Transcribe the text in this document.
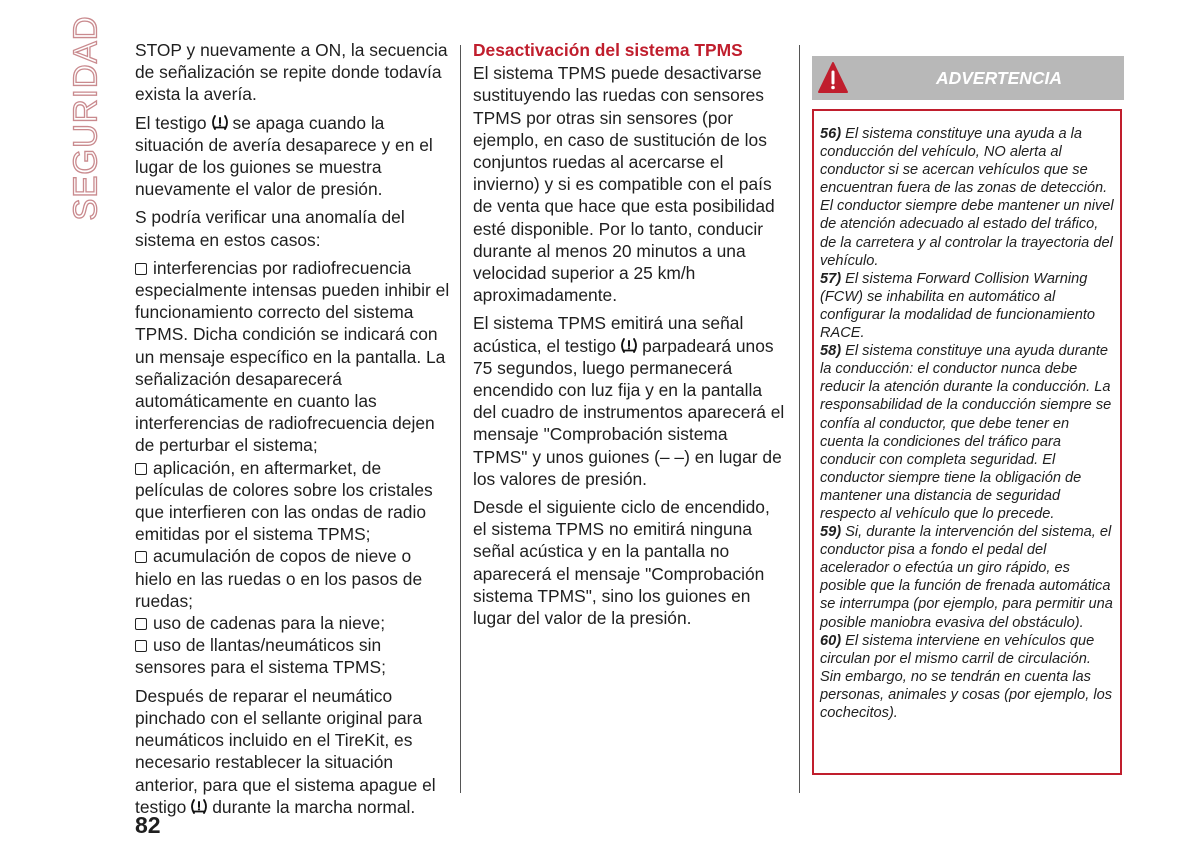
SEGURIDAD STOP y nuevamente a ON, la secuencia de señalización se repite donde todavía exista la avería.

El testigo se apaga cuando la situación de avería desaparece y en el lugar de los guiones se muestra nuevamente el valor de presión.

S podría verificar una anomalía del sistema en estos casos:

interferencias por radiofrecuencia especialmente intensas pueden inhibir el funcionamiento correcto del sistema TPMS. Dicha condición se indicará con un mensaje específico en la pantalla. La señalización desaparecerá automáticamente en cuanto las interferencias de radiofrecuencia dejen de perturbar el sistema;
aplicación, en aftermarket, de películas de colores sobre los cristales que interfieren con las ondas de radio emitidas por el sistema TPMS;
acumulación de copos de nieve o hielo en las ruedas o en los pasos de ruedas;
uso de cadenas para la nieve;
uso de llantas/neumáticos sin sensores para el sistema TPMS;

Después de reparar el neumático pinchado con el sellante original para neumáticos incluido en el TireKit, es necesario restablecer la situación anterior, para que el sistema apague el testigo durante la marcha normal.

Desactivación del sistema TPMS

El sistema TPMS puede desactivarse sustituyendo las ruedas con sensores TPMS por otras sin sensores (por ejemplo, en caso de sustitución de los conjuntos ruedas al acercarse el invierno) y si es compatible con el país de venta que hace que esta posibilidad esté disponible. Por lo tanto, conducir durante al menos 20 minutos a una velocidad superior a 25 km/h aproximadamente.

El sistema TPMS emitirá una señal acústica, el testigo parpadeará unos 75 segundos, luego permanecerá encendido con luz fija y en la pantalla del cuadro de instrumentos aparecerá el mensaje "Comprobación sistema TPMS" y unos guiones (– –) en lugar de los valores de presión.

Desde el siguiente ciclo de encendido, el sistema TPMS no emitirá ninguna señal acústica y en la pantalla no aparecerá el mensaje "Comprobación sistema TPMS", sino los guiones en lugar del valor de la presión.

ADVERTENCIA

56) El sistema constituye una ayuda a la conducción del vehículo, NO alerta al conductor si se acercan vehículos que se encuentran fuera de las zonas de detección. El conductor siempre debe mantener un nivel de atención adecuado al estado del tráfico, de la carretera y al controlar la trayectoria del vehículo.

57) El sistema Forward Collision Warning (FCW) se inhabilita en automático al configurar la modalidad de funcionamiento RACE.

58) El sistema constituye una ayuda durante la conducción: el conductor nunca debe reducir la atención durante la conducción. La responsabilidad de la conducción siempre se confía al conductor, que debe tener en cuenta la condiciones del tráfico para conducir con completa seguridad. El conductor siempre tiene la obligación de mantener una distancia de seguridad respecto al vehículo que lo precede.

59) Si, durante la intervención del sistema, el conductor pisa a fondo el pedal del acelerador o efectúa un giro rápido, es posible que la función de frenada automática se interrumpa (por ejemplo, para permitir una posible maniobra evasiva del obstáculo).

60) El sistema interviene en vehículos que circulan por el mismo carril de circulación. Sin embargo, no se tendrán en cuenta las personas, animales y cosas (por ejemplo, los cochecitos).

82
